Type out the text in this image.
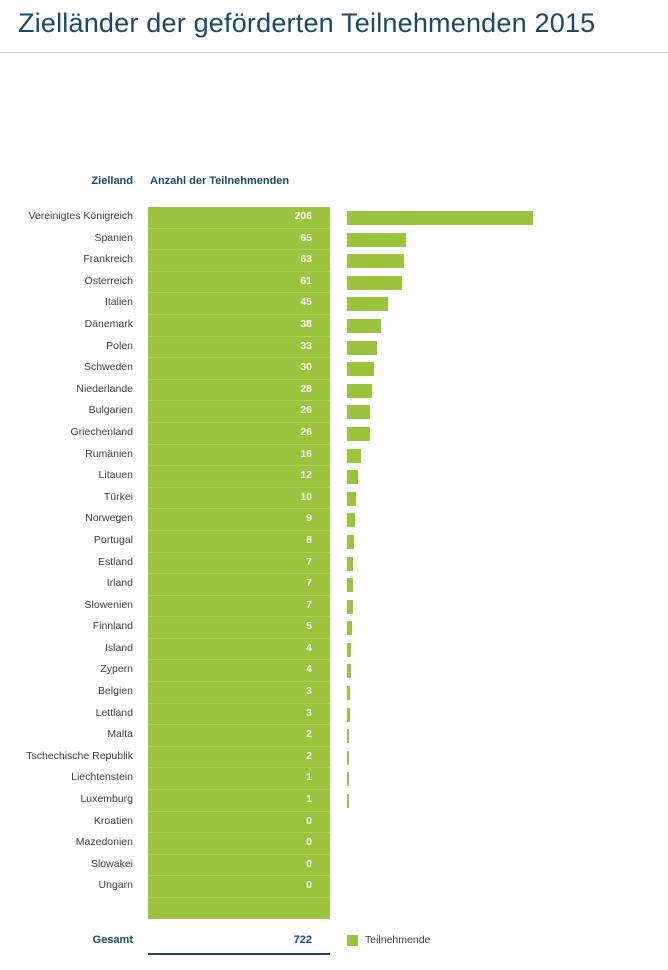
Zielländer der geförderten Teilnehmenden 2015
Zielland Anzahl der Teilnehmenden
Vereinigtes Königreich	206
Spanien	65
Frankreich	63
Österreich	61
Italien	45
Dänemark	38
Polen	33
Schweden	30
Niederlande	28
Bulgarien	26
Griechenland	26
Rumänien	16
Litauen	12
Türkei	10
Norwegen	9
Portugal	8
Estland	7
Irland	7
Slowenien	7
Finnland	5
Island	4
Zypern	4
Belgien	3
Lettland	3
Malta	2
Tschechische Republik	2
Liechtenstein	1
Luxemburg	1
Kroatien	0
Mazedonien	0
Slowakei	0
Ungarn	0
Gesamt	722	Teilnehmende
